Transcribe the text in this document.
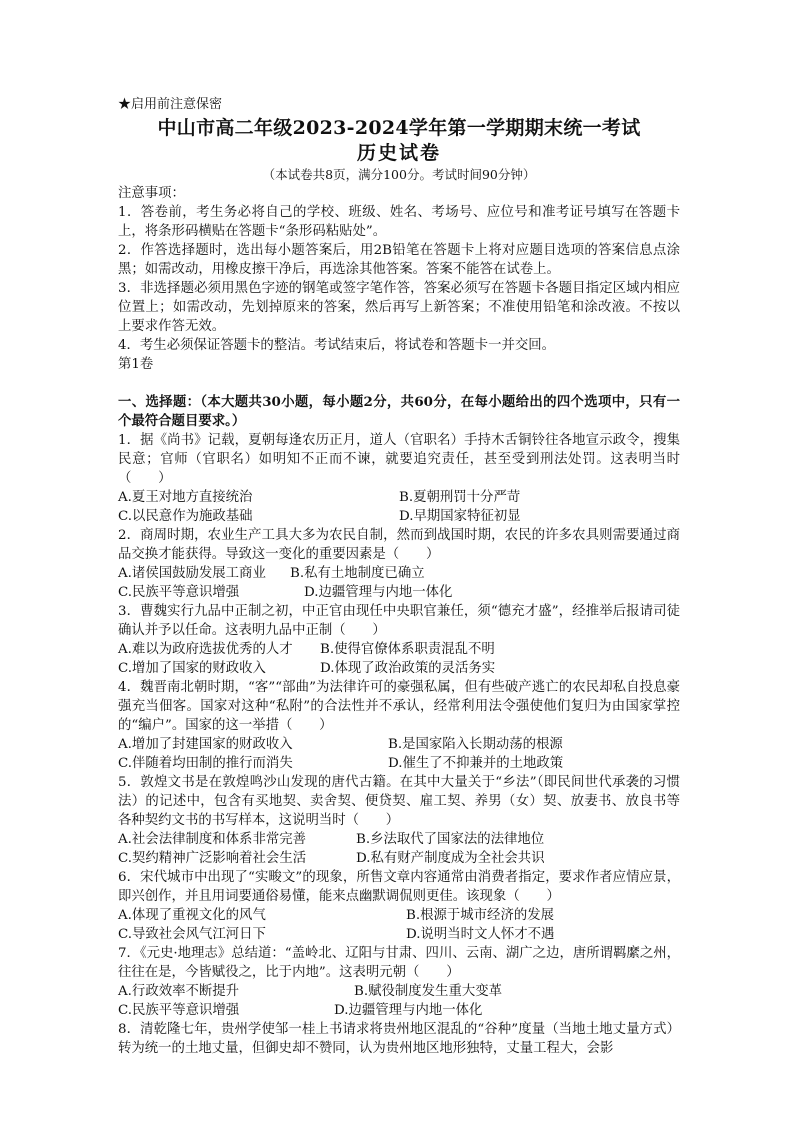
★启用前注意保密
中山市高二年级2023-2024学年第一学期期末统一考试
历史试卷
（本试卷共8页，满分100分。考试时间90分钟）
注意事项：

1．答卷前，考生务必将自己的学校、班级、姓名、考场号、应位号和准考证号填写在答题卡上，将条形码横贴在答题卡“条形码粘贴处”。

2．作答选择题时，选出每小题答案后，用2B铅笔在答题卡上将对应题目选项的答案信息点涂黑；如需改动，用橡皮擦干净后，再选涂其他答案。答案不能答在试卷上。

3．非选择题必须用黑色字迹的钢笔或签字笔作答，答案必须写在答题卡各题目指定区域内相应位置上；如需改动，先划掉原来的答案，然后再写上新答案；不准使用铅笔和涂改液。不按以上要求作答无效。

4．考生必须保证答题卡的整洁。考试结束后，将试卷和答题卡一并交回。

第1卷

一、选择题：（本大题共30小题，每小题2分，共60分，在每小题给出的四个选项中，只有一个最符合题目要求。）

1．据《尚书》记载，夏朝每逢农历正月，道人（官职名）手持木舌铜铃往各地宣示政令，搜集民意；官师（官职名）如明知不正而不谏，就要追究责任，甚至受到刑法处罚。这表明当时（　　）

A.夏王对地方直接统治	B.夏朝刑罚十分严苛
C.以民意作为施政基础	D.早期国家特征初显

2．商周时期，农业生产工具大多为农民自制，然而到战国时期，农民的许多农具则需要通过商品交换才能获得。导致这一变化的重要因素是（　　）

A.诸侯国鼓励发展工商业	B.私有土地制度已确立
C.民族平等意识增强	D.边疆管理与内地一体化

3．曹魏实行九品中正制之初，中正官由现任中央职官兼任，须“德充才盛”，经推举后报请司徒确认并予以任命。这表明九品中正制（　　）

A.难以为政府选拔优秀的人才	B.使得官僚体系职责混乱不明
C.增加了国家的财政收入	D.体现了政治政策的灵活务实

4．魏晋南北朝时期，“客”“部曲”为法律许可的豪强私属，但有些破产逃亡的农民却私自投息豪强充当佃客。国家对这种“私附”的合法性并不承认，经常利用法令强使他们复归为由国家掌控的“编户”。国家的这一举措（　　）

A.增加了封建国家的财政收入	B.是国家陷入长期动荡的根源
C.伴随着均田制的推行而消失	D.催生了不抑兼并的土地政策

5．敦煌文书是在敦煌鸣沙山发现的唐代古籍。在其中大量关于“乡法”（即民间世代承袭的习惯法）的记述中，包含有买地契、卖舍契、便贷契、雇工契、养男（女）契、放妻书、放良书等各种契约文书的书写样本，这说明当时（　　）

A.社会法律制度和体系非常完善	B.乡法取代了国家法的法律地位
C.契约精神广泛影响着社会生活	D.私有财产制度成为全社会共识

6．宋代城市中出现了“实畯文”的现象，所售文章内容通常由消费者指定，要求作者应情应景，即兴创作，并且用词要通俗易懂，能来点幽默调侃则更佳。该现象（　　）

A.体现了重视文化的风气	B.根源于城市经济的发展
C.导致社会风气江河日下	D.说明当时文人怀才不遇

7．《元史·地理志》总结道：“盖岭北、辽阳与甘肃、四川、云南、湖广之边，唐所谓羁縻之州，往往在是，今皆赋役之，比于内地”。这表明元朝（　　）

A.行政效率不断提升	B.赋役制度发生重大变革
C.民族平等意识增强	D.边疆管理与内地一体化

8．清乾隆七年，贵州学使邹一桂上书请求将贵州地区混乱的“谷种”度量（当地土地丈量方式）转为统一的土地丈量，但御史却不赞同，认为贵州地区地形独特，丈量工程大，会影
